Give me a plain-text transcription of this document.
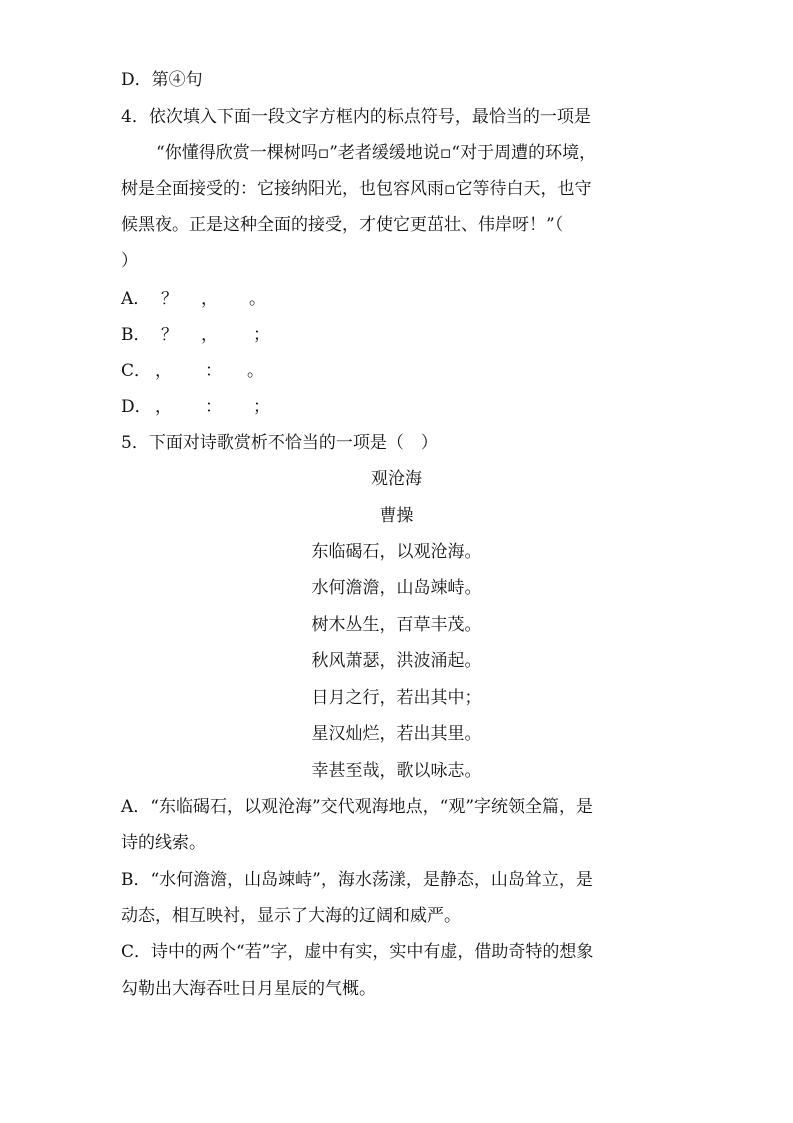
D．第④句
4．依次填入下面一段文字方框内的标点符号，最恰当的一项是
“你懂得欣赏一棵树吗▫”老者缓缓地说▫“对于周遭的环境，
树是全面接受的：它接纳阳光，也包容风雨▫它等待白天，也守
候黑夜。正是这种全面的接受，才使它更茁壮、伟岸呀！”（
）
A． ？ ， 。
B． ？ ， ；
C． ， ： 。
D． ， ： ；
5．下面对诗歌赏析不恰当的一项是（　）
观沧海
曹操
东临碣石，以观沧海。
水何澹澹，山岛竦峙。
树木丛生，百草丰茂。
秋风萧瑟，洪波涌起。
日月之行，若出其中；
星汉灿烂，若出其里。
幸甚至哉，歌以咏志。
A．“东临碣石，以观沧海”交代观海地点，“观”字统领全篇，是
诗的线索。
B．“水何澹澹，山岛竦峙”，海水荡漾，是静态，山岛耸立，是
动态，相互映衬，显示了大海的辽阔和威严。
C．诗中的两个“若”字，虚中有实，实中有虚，借助奇特的想象
勾勒出大海吞吐日月星辰的气概。
